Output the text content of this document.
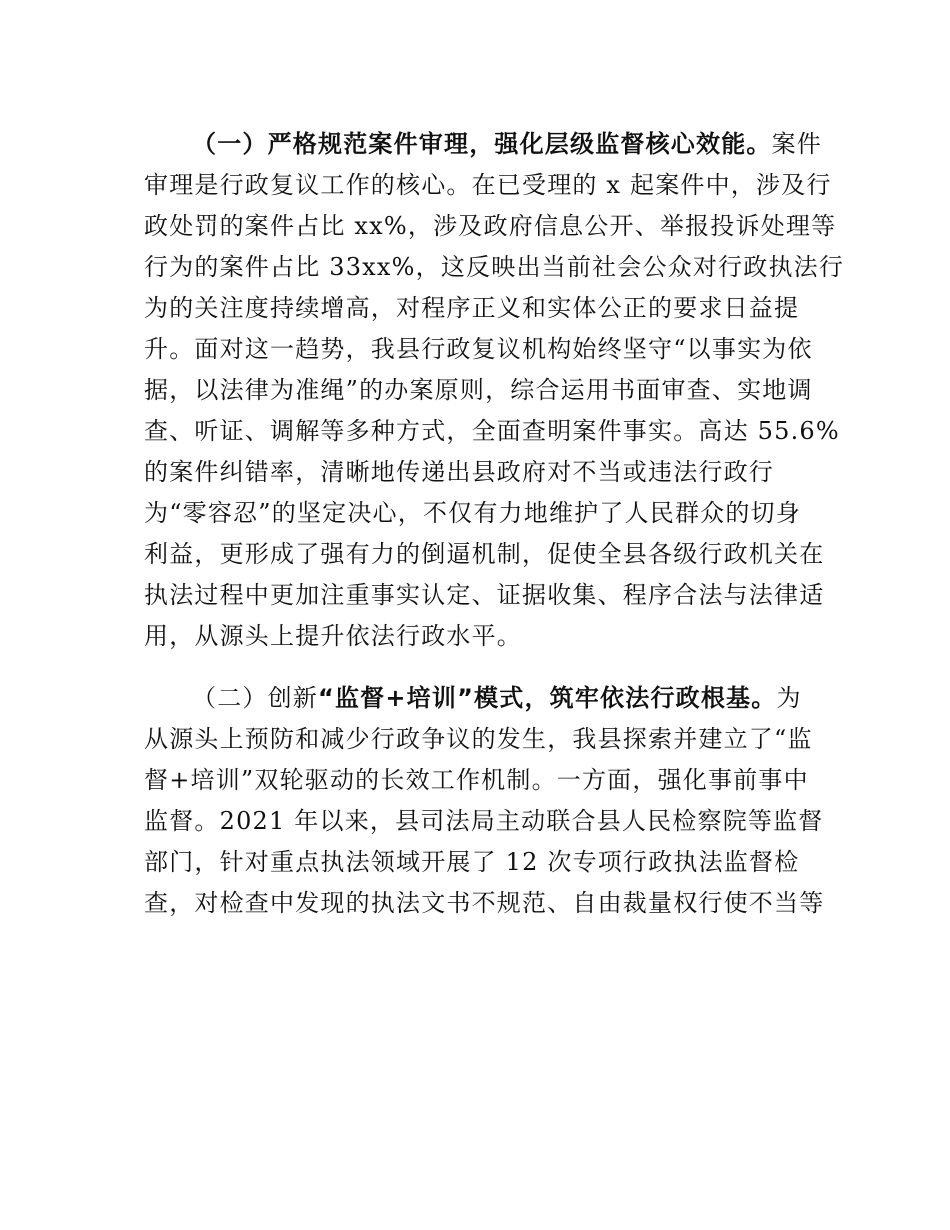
（一）严格规范案件审理，强化层级监督核心效能。案件
审理是行政复议工作的核心。在已受理的 x 起案件中，涉及行
政处罚的案件占比 xx%，涉及政府信息公开、举报投诉处理等
行为的案件占比 33xx%，这反映出当前社会公众对行政执法行
为的关注度持续增高，对程序正义和实体公正的要求日益提
升。面对这一趋势，我县行政复议机构始终坚守“以事实为依
据，以法律为准绳”的办案原则，综合运用书面审查、实地调
查、听证、调解等多种方式，全面查明案件事实。高达 55.6%
的案件纠错率，清晰地传递出县政府对不当或违法行政行
为“零容忍”的坚定决心，不仅有力地维护了人民群众的切身
利益，更形成了强有力的倒逼机制，促使全县各级行政机关在
执法过程中更加注重事实认定、证据收集、程序合法与法律适
用，从源头上提升依法行政水平。
（二）创新“监督+培训”模式，筑牢依法行政根基。为
从源头上预防和减少行政争议的发生，我县探索并建立了“监
督+培训”双轮驱动的长效工作机制。一方面，强化事前事中
监督。2021 年以来，县司法局主动联合县人民检察院等监督
部门，针对重点执法领域开展了 12 次专项行政执法监督检
查，对检查中发现的执法文书不规范、自由裁量权行使不当等
